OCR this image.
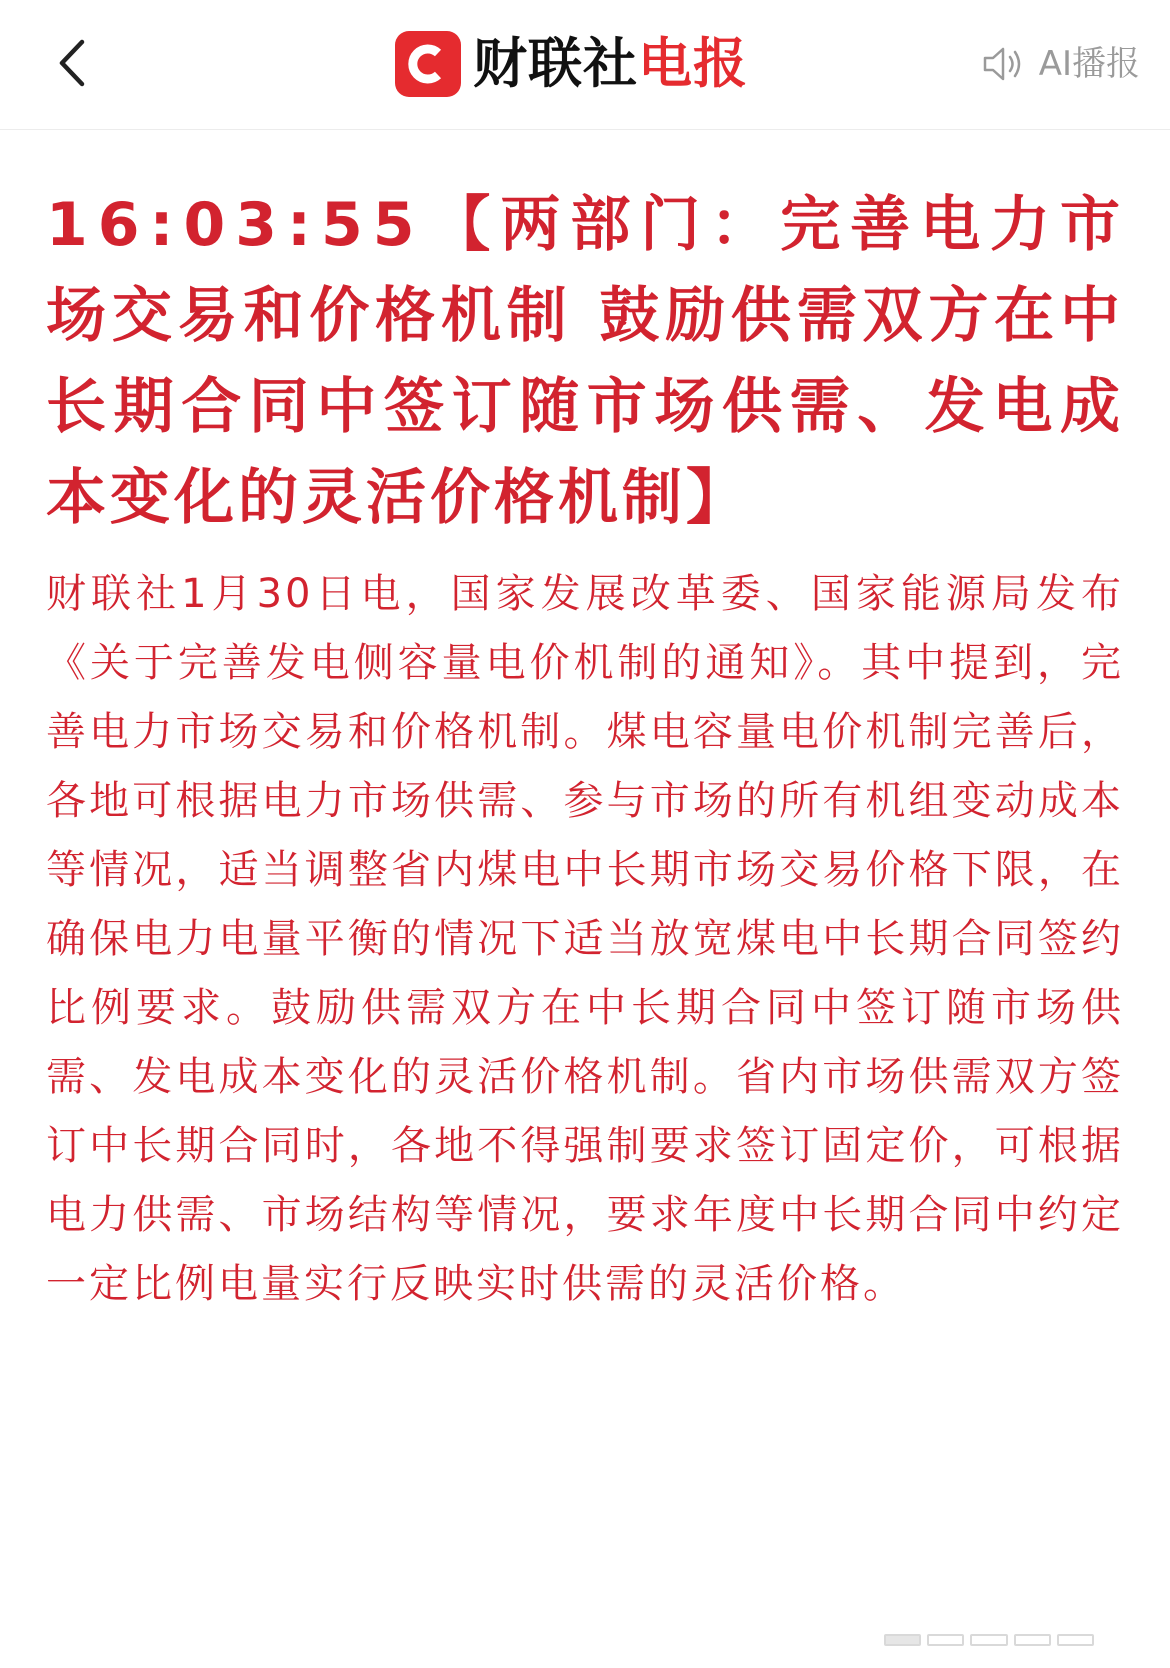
财联社电报	AI播报
16:03:55【两部门：完善电力市场交易和价格机制 鼓励供需双方在中长期合同中签订随市场供需、发电成本变化的灵活价格机制】

财联社1月30日电，国家发展改革委、国家能源局发布《关于完善发电侧容量电价机制的通知》。其中提到，完善电力市场交易和价格机制。煤电容量电价机制完善后，各地可根据电力市场供需、参与市场的所有机组变动成本等情况，适当调整省内煤电中长期市场交易价格下限，在确保电力电量平衡的情况下适当放宽煤电中长期合同签约比例要求。鼓励供需双方在中长期合同中签订随市场供需、发电成本变化的灵活价格机制。省内市场供需双方签订中长期合同时，各地不得强制要求签订固定价，可根据电力供需、市场结构等情况，要求年度中长期合同中约定一定比例电量实行反映实时供需的灵活价格。
